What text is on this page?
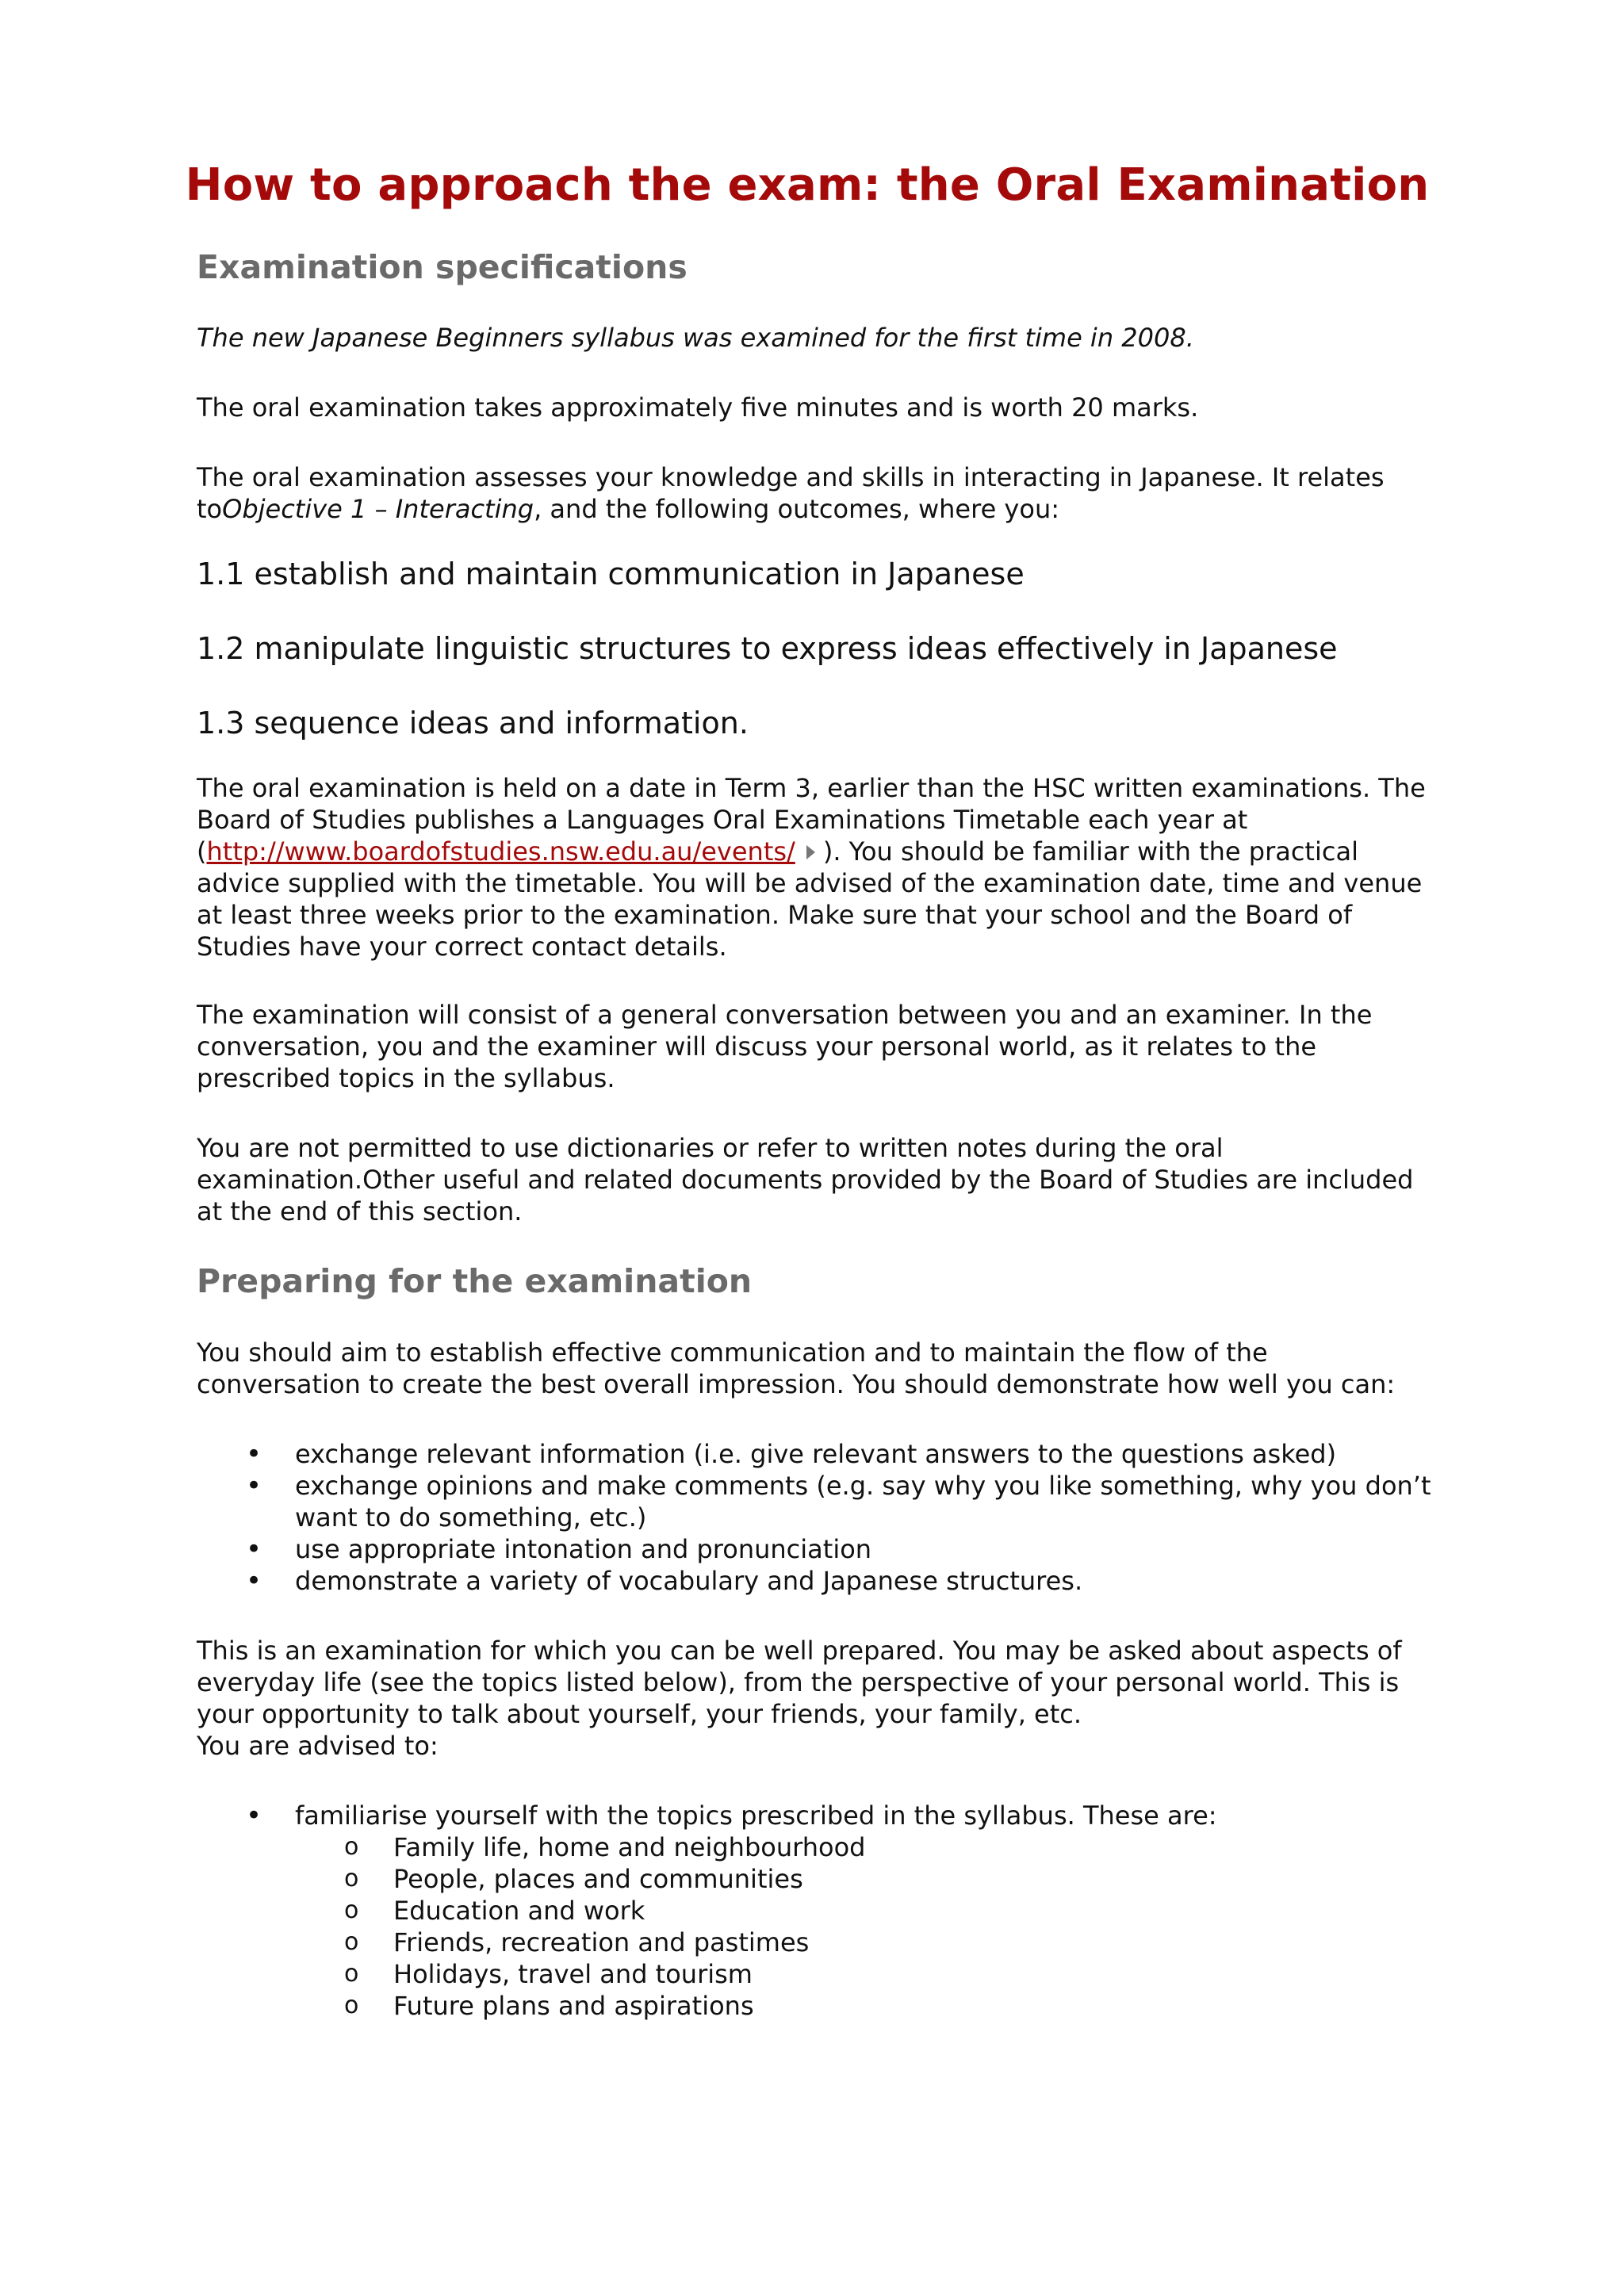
How to approach the exam: the Oral Examination
Examination specifications

The new Japanese Beginners syllabus was examined for the first time in 2008.

The oral examination takes approximately five minutes and is worth 20 marks.

The oral examination assesses your knowledge and skills in interacting in Japanese. It relates toObjective 1 – Interacting, and the following outcomes, where you:

1.1 establish and maintain communication in Japanese

1.2 manipulate linguistic structures to express ideas effectively in Japanese

1.3 sequence ideas and information.

The oral examination is held on a date in Term 3, earlier than the HSC written examinations. The Board of Studies publishes a Languages Oral Examinations Timetable each year at (http://www.boardofstudies.nsw.edu.au/events/ ). You should be familiar with the practical advice supplied with the timetable. You will be advised of the examination date, time and venue at least three weeks prior to the examination. Make sure that your school and the Board of Studies have your correct contact details.

The examination will consist of a general conversation between you and an examiner. In the conversation, you and the examiner will discuss your personal world, as it relates to the prescribed topics in the syllabus.

You are not permitted to use dictionaries or refer to written notes during the oral examination.Other useful and related documents provided by the Board of Studies are included at the end of this section.

Preparing for the examination

You should aim to establish effective communication and to maintain the flow of the conversation to create the best overall impression. You should demonstrate how well you can:

• exchange relevant information (i.e. give relevant answers to the questions asked)
• exchange opinions and make comments (e.g. say why you like something, why you don’t want to do something, etc.)
• use appropriate intonation and pronunciation
• demonstrate a variety of vocabulary and Japanese structures.

This is an examination for which you can be well prepared. You may be asked about aspects of everyday life (see the topics listed below), from the perspective of your personal world. This is your opportunity to talk about yourself, your friends, your family, etc.

You are advised to:

• familiarise yourself with the topics prescribed in the syllabus. These are:
o Family life, home and neighbourhood
o People, places and communities
o Education and work
o Friends, recreation and pastimes
o Holidays, travel and tourism
o Future plans and aspirations
